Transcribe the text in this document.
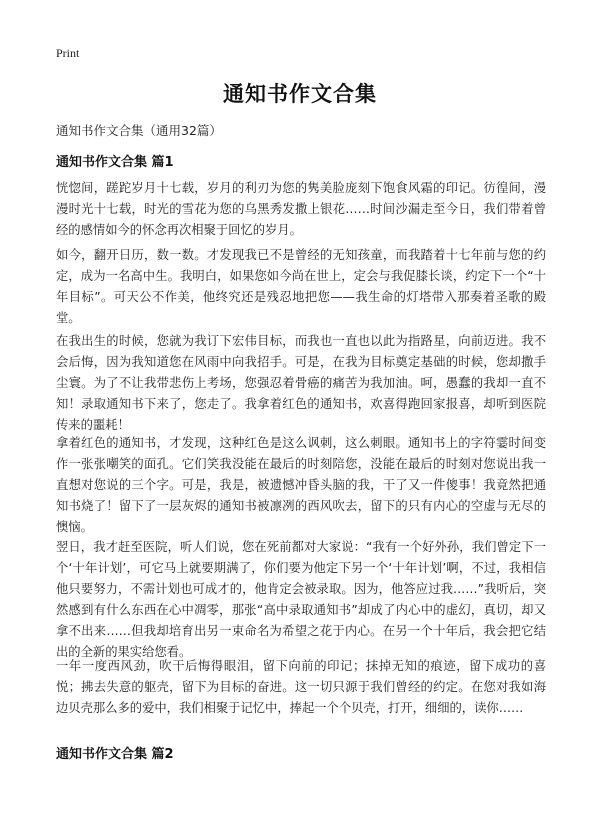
Print
通知书作文合集
通知书作文合集（通用32篇）
通知书作文合集 篇1

恍惚间，蹉跎岁月十七载，岁月的利刃为您的隽美脸庞刻下饱食风霜的印记。彷徨间，漫漫时光十七载，时光的雪花为您的乌黑秀发撒上银花……时间沙漏走至今日，我们带着曾经的感情如今的怀念再次相聚于回忆的岁月。

如今，翻开日历，数一数。才发现我已不是曾经的无知孩童，而我踏着十七年前与您的约定，成为一名高中生。我明白，如果您如今尚在世上，定会与我促膝长谈，约定下一个“十年目标”。可天公不作美，他终究还是残忍地把您——我生命的灯塔带入那奏着圣歌的殿堂。

在我出生的时候，您就为我订下宏伟目标，而我也一直也以此为指路星，向前迈进。我不会后悔，因为我知道您在风雨中向我招手。可是，在我为目标奠定基础的时候，您却撒手尘寰。为了不让我带悲伤上考场，您强忍着骨癌的痛苦为我加油。呵，愚蠢的我却一直不知！录取通知书下来了，您走了。我拿着红色的通知书，欢喜得跑回家报喜，却听到医院传来的噩耗！

拿着红色的通知书，才发现，这种红色是这么讽刺，这么刺眼。通知书上的字符霎时间变作一张张嘲笑的面孔。它们笑我没能在最后的时刻陪您，没能在最后的时刻对您说出我一直想对您说的三个字。可是，我是，被遗憾冲昏头脑的我，干了又一件傻事！我竟然把通知书烧了！留下了一层灰烬的通知书被凛冽的西风吹去，留下的只有内心的空虚与无尽的懊恼。

翌日，我才赶至医院，听人们说，您在死前都对大家说：“我有一个好外孙，我们曾定下一个‘十年计划’，可它马上就要期满了，你们要为他定下另一个‘十年计划’啊，不过，我相信他只要努力，不需计划也可成才的，他肯定会被录取。因为，他答应过我……”我听后，突然感到有什么东西在心中凋零，那张“高中录取通知书”却成了内心中的虚幻，真切，却又拿不出来……但我却培育出另一束命名为希望之花于内心。在另一个十年后，我会把它结出的全新的果实给您看。

一年一度西风劲，吹干后悔得眼泪，留下向前的印记；抹掉无知的痕迹，留下成功的喜悦；拂去失意的躯壳，留下为目标的奋进。这一切只源于我们曾经的约定。在您对我如海边贝壳那么多的爱中，我们相聚于记忆中，捧起一个个贝壳，打开，细细的，读你……

通知书作文合集 篇2
